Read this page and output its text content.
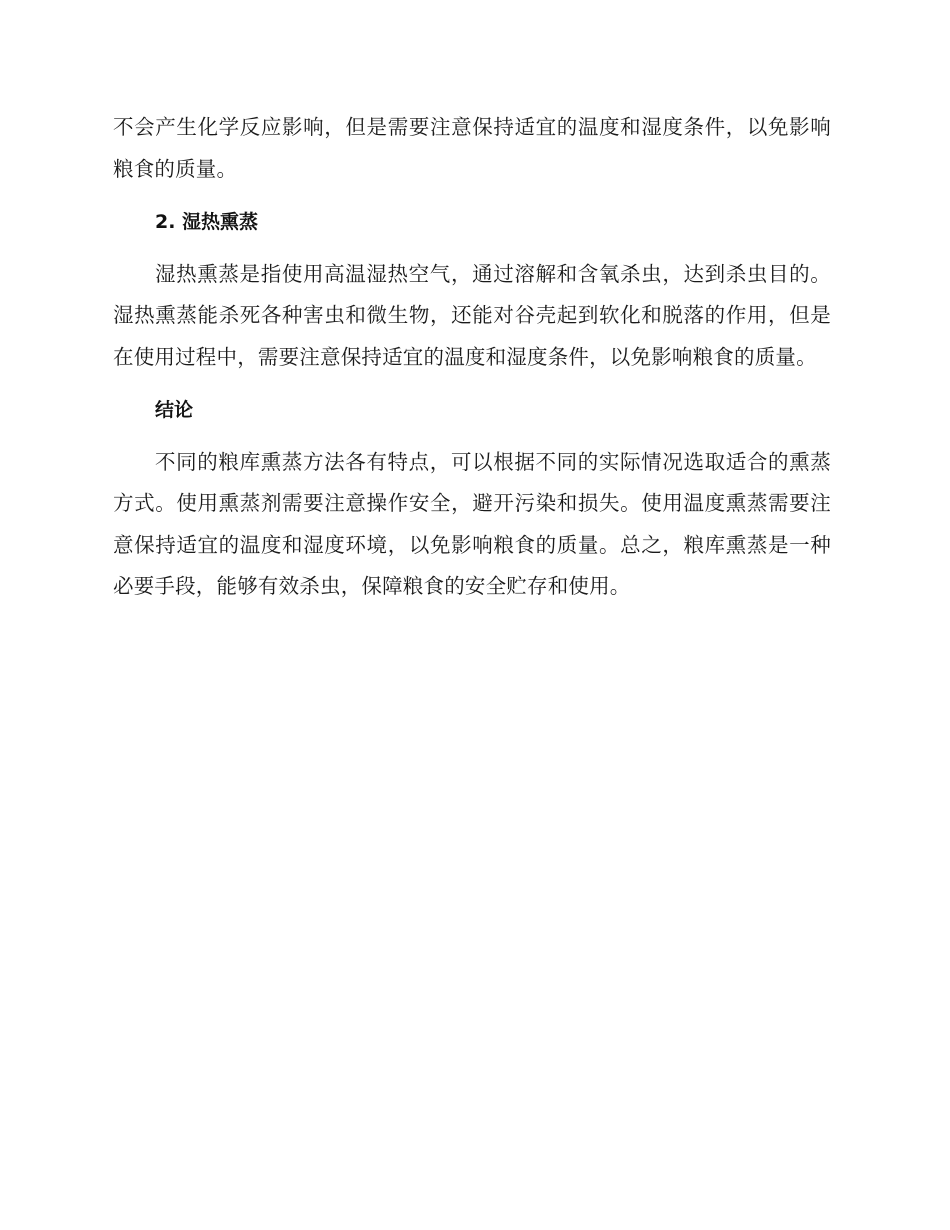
不会产生化学反应影响，但是需要注意保持适宜的温度和湿度条件，以免影响粮食的质量。

2. 湿热熏蒸

湿热熏蒸是指使用高温湿热空气，通过溶解和含氧杀虫，达到杀虫目的。湿热熏蒸能杀死各种害虫和微生物，还能对谷壳起到软化和脱落的作用，但是在使用过程中，需要注意保持适宜的温度和湿度条件，以免影响粮食的质量。

结论

不同的粮库熏蒸方法各有特点，可以根据不同的实际情况选取适合的熏蒸方式。使用熏蒸剂需要注意操作安全，避开污染和损失。使用温度熏蒸需要注意保持适宜的温度和湿度环境，以免影响粮食的质量。总之，粮库熏蒸是一种必要手段，能够有效杀虫，保障粮食的安全贮存和使用。
